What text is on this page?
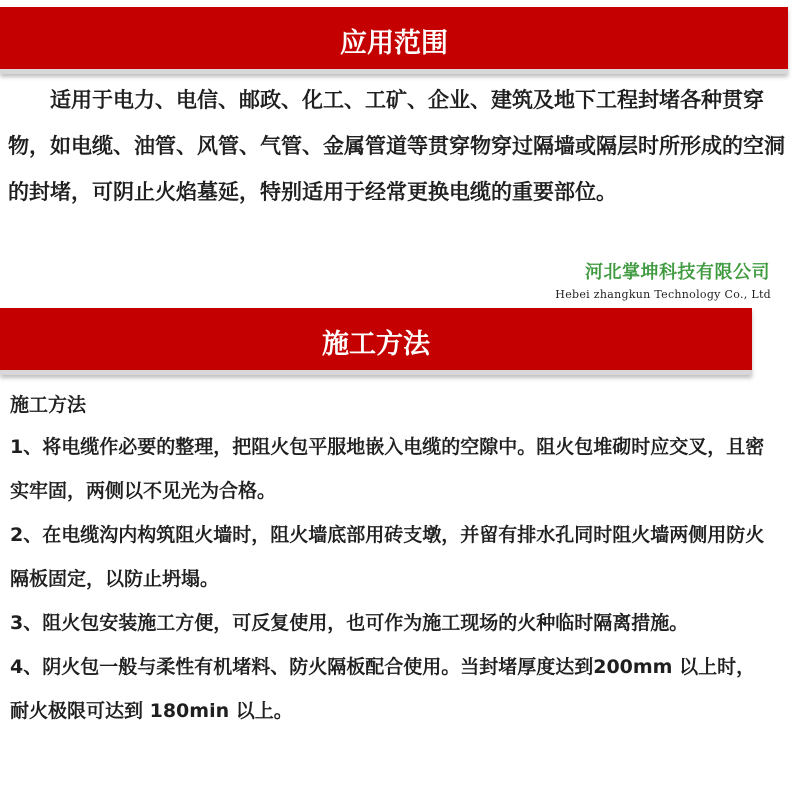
应用范围
适用于电力、电信、邮政、化工、工矿、企业、建筑及地下工程封堵各种贯穿物，如电缆、油管、风管、气管、金属管道等贯穿物穿过隔墙或隔层时所形成的空洞的封堵，可阴止火焰墓延，特别适用于经常更换电缆的重要部位。
河北掌坤科技有限公司
Hebei zhangkun Technology Co., Ltd
施工方法
施工方法

1、将电缆作必要的整理，把阻火包平服地嵌入电缆的空隙中。阻火包堆砌时应交叉，且密实牢固，两侧以不见光为合格。

2、在电缆沟内构筑阻火墙时，阻火墙底部用砖支墩，并留有排水孔同时阻火墙两侧用防火隔板固定，以防止坍塌。

3、阻火包安装施工方便，可反复使用，也可作为施工现场的火种临时隔离措施。

4、阴火包一般与柔性有机堵料、防火隔板配合使用。当封堵厚度达到200mm 以上时，耐火极限可达到 180min 以上。
